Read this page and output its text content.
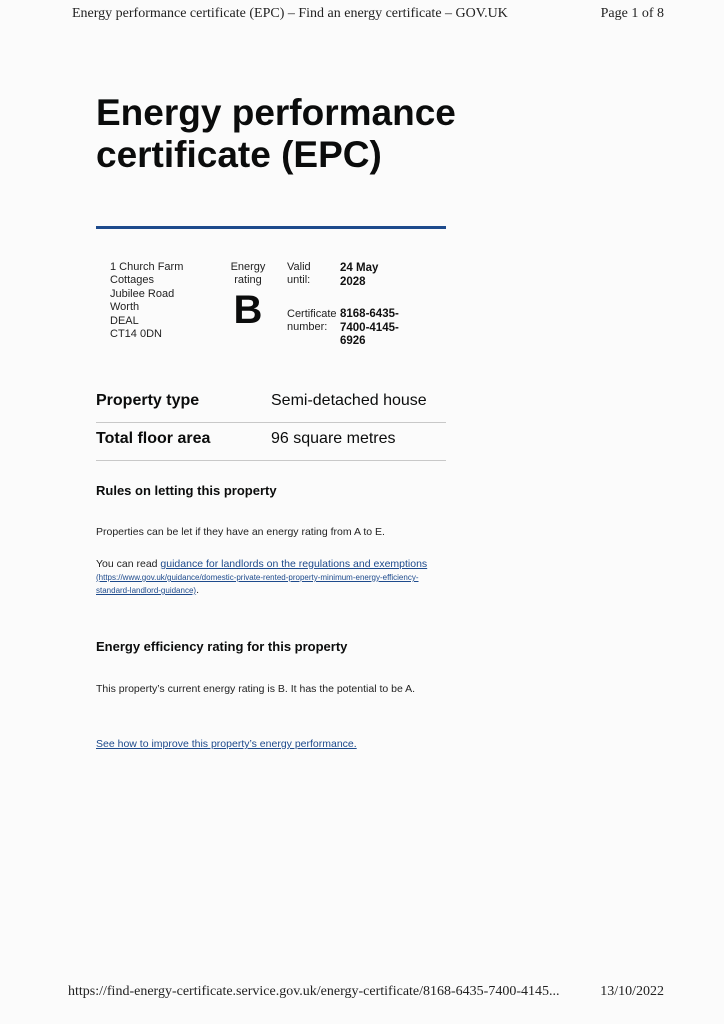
Energy performance certificate (EPC) – Find an energy certificate – GOV.UK	Page 1 of 8
Energy performance
certificate (EPC)
1 Church Farm
Cottages
Jubilee Road
Worth
DEAL
CT14 0DN
Energy
rating
B
Valid
until:
24 May
2028
Certificate
number:
8168-6435-
7400-4145-
6926
Property type	Semi-detached house
Total floor area	96 square metres
Rules on letting this property

Properties can be let if they have an energy rating from A to E.

You can read guidance for landlords on the regulations and exemptions (https://www.gov.uk/guidance/domestic-private-rented-property-minimum-energy-efficiency-standard-landlord-guidance).

Energy efficiency rating for this property

This property’s current energy rating is B. It has the potential to be A.

See how to improve this property’s energy performance.
https://find-energy-certificate.service.gov.uk/energy-certificate/8168-6435-7400-4145...	13/10/2022
